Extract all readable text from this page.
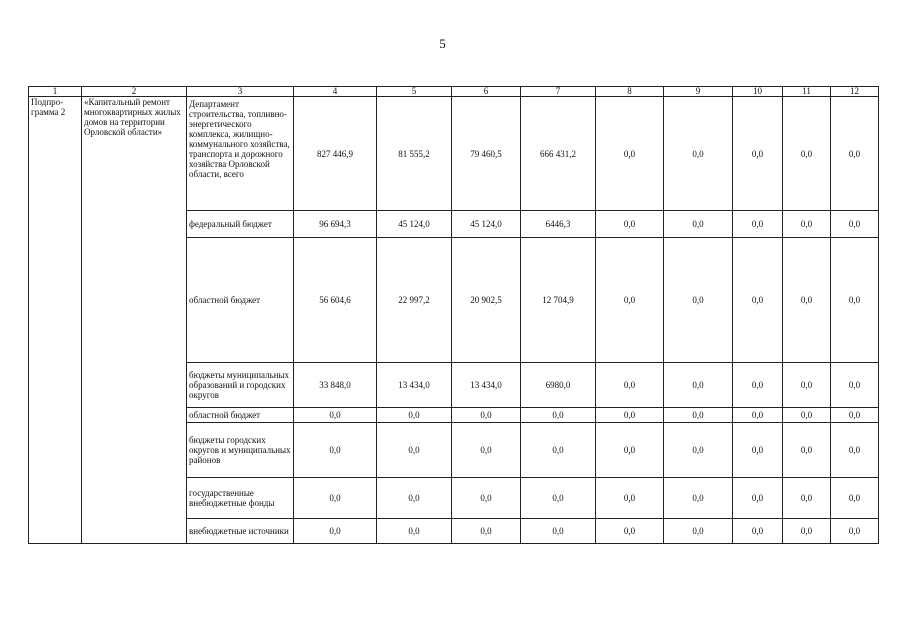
5
1	2	3	4	5	6	7	8	9	10	11	12
Подпро-грамма 2	«Капитальный ремонт многоквартирных жилых домов на территории Орловской области»	Департамент строительства, топливно-энергетического комплекса, жилищно-коммунального хозяйства, транспорта и дорожного хозяйства Орловской области, всего	827 446,9	81 555,2	79 460,5	666 431,2	0,0	0,0	0,0	0,0	0,0
		федеральный бюджет	96 694,3	45 124,0	45 124,0	6446,3	0,0	0,0	0,0	0,0	0,0
		областной бюджет	56 604,6	22 997,2	20 902,5	12 704,9	0,0	0,0	0,0	0,0	0,0
		бюджеты муниципальных образований и городских округов	33 848,0	13 434,0	13 434,0	6980,0	0,0	0,0	0,0	0,0	0,0
		областной бюджет	0,0	0,0	0,0	0,0	0,0	0,0	0,0	0,0	0,0
		бюджеты городских округов и муниципальных районов	0,0	0,0	0,0	0,0	0,0	0,0	0,0	0,0	0,0
		государственные внебюджетные фонды	0,0	0,0	0,0	0,0	0,0	0,0	0,0	0,0	0,0
		внебюджетные источники	0,0	0,0	0,0	0,0	0,0	0,0	0,0	0,0	0,0
